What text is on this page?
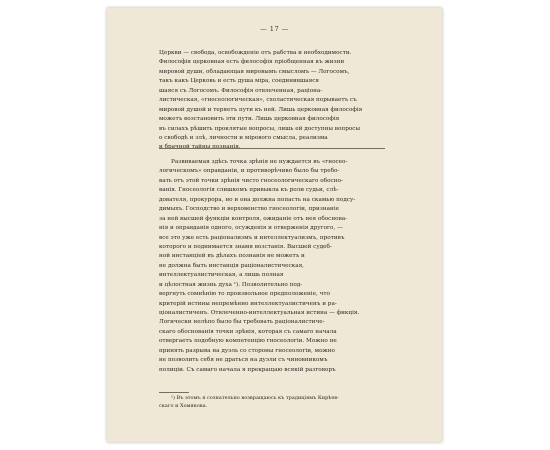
— 17 —
Церкви — свобода, освобожденіе отъ рабства и необходимости.
Философія церковная есть философія пріобщенная къ жизни
мировой души, обладающая мировымъ смысломъ — Логосомъ,
такъ какъ Церковь и есть душа міра, соединившаяся
шаяся съ Логосомъ. Философія отвлеченная, раціона-
листическая, «гносеологическая», схоластическая порываетъ съ
мировой душой и теряетъ пути къ ней. Лишь церковная философія
можетъ возстановить эти пути. Лишь церковная философія
въ силахъ рѣшить проклятые вопросы, лишь ей доступны вопросы
о свободѣ и злѣ, личности и мірового смысла, реализма
и брачной тайны познанія.
Развиваемая здѣсь точка зрѣнія не нуждается въ «гносео-
логическомъ» оправданіи, и противорѣчиво было бы требо-
вать отъ этой точки зрѣнія чисто гносеологическаго обосно-
ванія. Гносеологія слишкомъ привыкла къ роли судьи, слѣ-
дователя, прокурора, но и она должна попасть на скамью подсу-
димыхъ. Господство и верховенство гносеологіи, признаніе
за ней высшей функціи контроля, ожиданіе отъ нея обоснова-
нія и оправданія одного, осужденія и отверженія другого, —
все это уже есть раціонализмъ и интеллектуализмъ, противъ
которого и поднимается знамя возстанія. Высшей судеб-
ной инстанціей въ дѣлахъ познанія не можетъ и
не должна быть инстанція раціоналистическая,
интеллектуалистическая, а лишь полная
и цѣлостная жизнь духа ¹). Позволительно под-
вергнуть сомнѣнію то произвольное предположеніе, что
критерій истины непремѣнно интеллектуалистиченъ и ра-
ціоналистиченъ. Отвлеченно-интеллектуальная истина — фикція.
Логически нелѣпо было бы требовать раціоналистиче-
скаго обоснованія точки зрѣнія, которая съ самаго начала
отвергаетъ подобную компетенцію гносеологіи. Можно не
принять разрыва на дуэль со стороны гносеологіи, можно
не позволить себя не драться на дуэли съ чиновникомъ
полиціи. Съ самаго начала я прекращаю всякій разговоръ
¹) Въ этомъ я сознательно возвращаюсь къ традиціямъ Кирѣев-
скаго и Хомякова.
